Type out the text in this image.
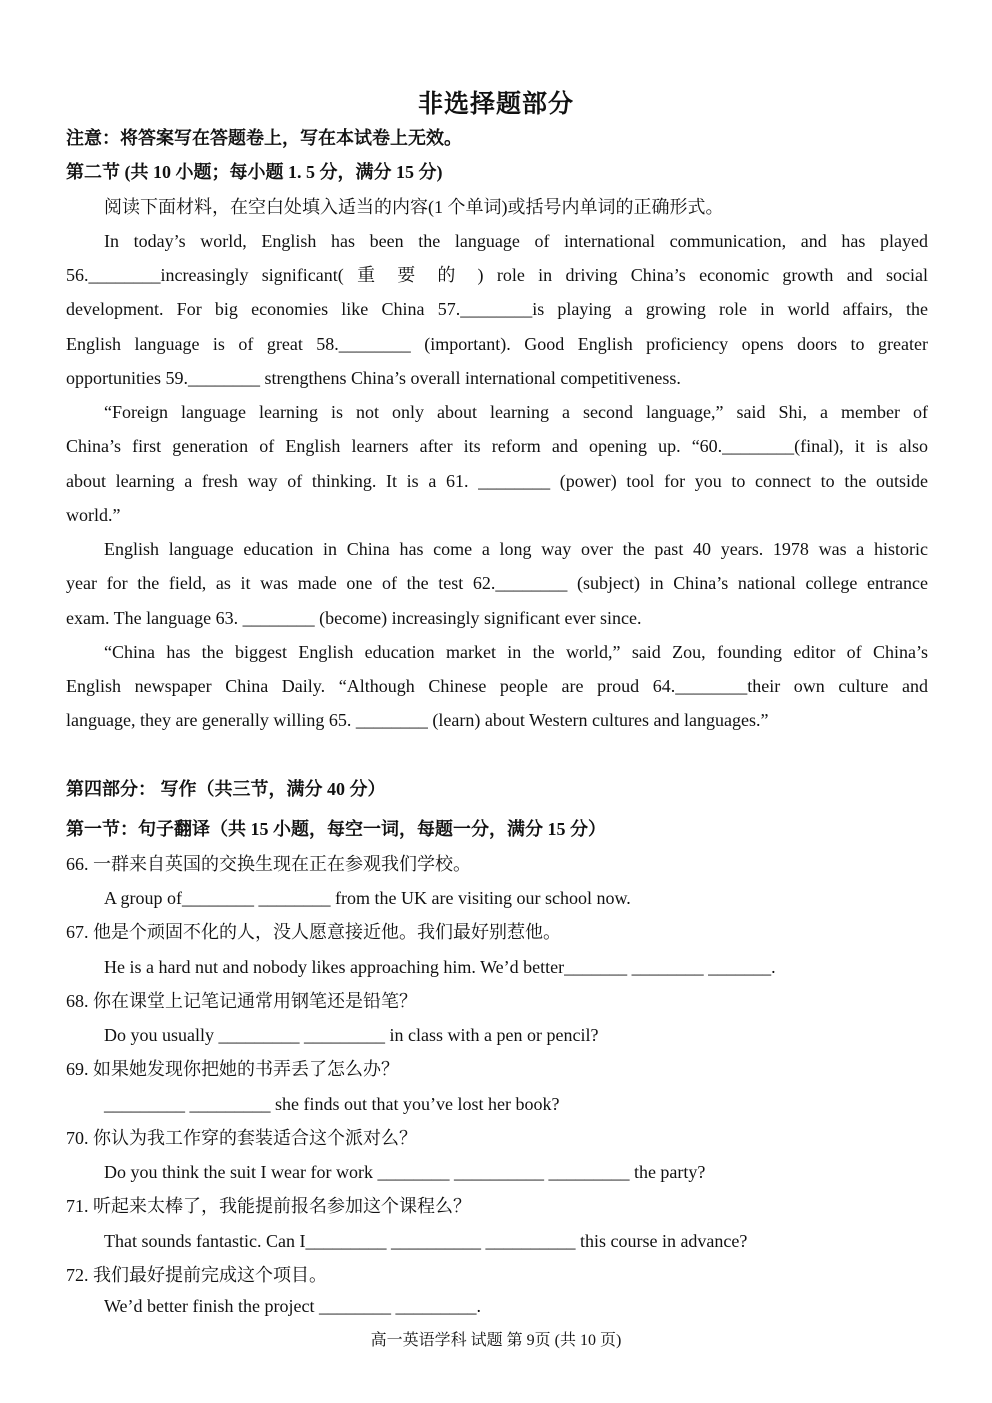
非选择题部分
注意：将答案写在答题卷上，写在本试卷上无效。
第二节 (共 10 小题；每小题 1. 5 分，满分 15 分)
阅读下面材料，在空白处填入适当的内容(1 个单词)或括号内单词的正确形式。
In today’s world, English has been the language of international communication, and has played
56.________increasingly significant( 重 要 的 ) role in driving China’s economic growth and social
development. For big economies like China 57.________is playing a growing role in world affairs, the
English language is of great 58.________ (important). Good English proficiency opens doors to greater
opportunities 59.________ strengthens China’s overall international competitiveness.
“Foreign language learning is not only about learning a second language,” said Shi, a member of
China’s first generation of English learners after its reform and opening up. “60.________(final), it is also
about learning a fresh way of thinking. It is a 61. ________ (power) tool for you to connect to the outside
world.”
English language education in China has come a long way over the past 40 years. 1978 was a historic
year for the field, as it was made one of the test 62.________ (subject) in China’s national college entrance
exam. The language 63. ________ (become) increasingly significant ever since.
“China has the biggest English education market in the world,” said Zou, founding editor of China’s
English newspaper China Daily. “Although Chinese people are proud 64.________their own culture and
language, they are generally willing 65. ________ (learn) about Western cultures and languages.”
第四部分： 写作（共三节，满分 40 分）
第一节：句子翻译（共 15 小题，每空一词，每题一分，满分 15 分）
66. 一群来自英国的交换生现在正在参观我们学校。
A group of________ ________ from the UK are visiting our school now.
67. 他是个顽固不化的人，没人愿意接近他。我们最好别惹他。
He is a hard nut and nobody likes approaching him. We’d better_______ ________ _______.
68. 你在课堂上记笔记通常用钢笔还是铅笔？
Do you usually _________ _________ in class with a pen or pencil?
69. 如果她发现你把她的书弄丢了怎么办？
_________ _________ she finds out that you’ve lost her book?
70. 你认为我工作穿的套装适合这个派对么？
Do you think the suit I wear for work ________ __________ _________ the party?
71. 听起来太棒了，我能提前报名参加这个课程么？
That sounds fantastic. Can I_________ __________ __________ this course in advance?
72. 我们最好提前完成这个项目。
We’d better finish the project ________ _________.
高一英语学科 试题 第 9页 (共 10 页)
